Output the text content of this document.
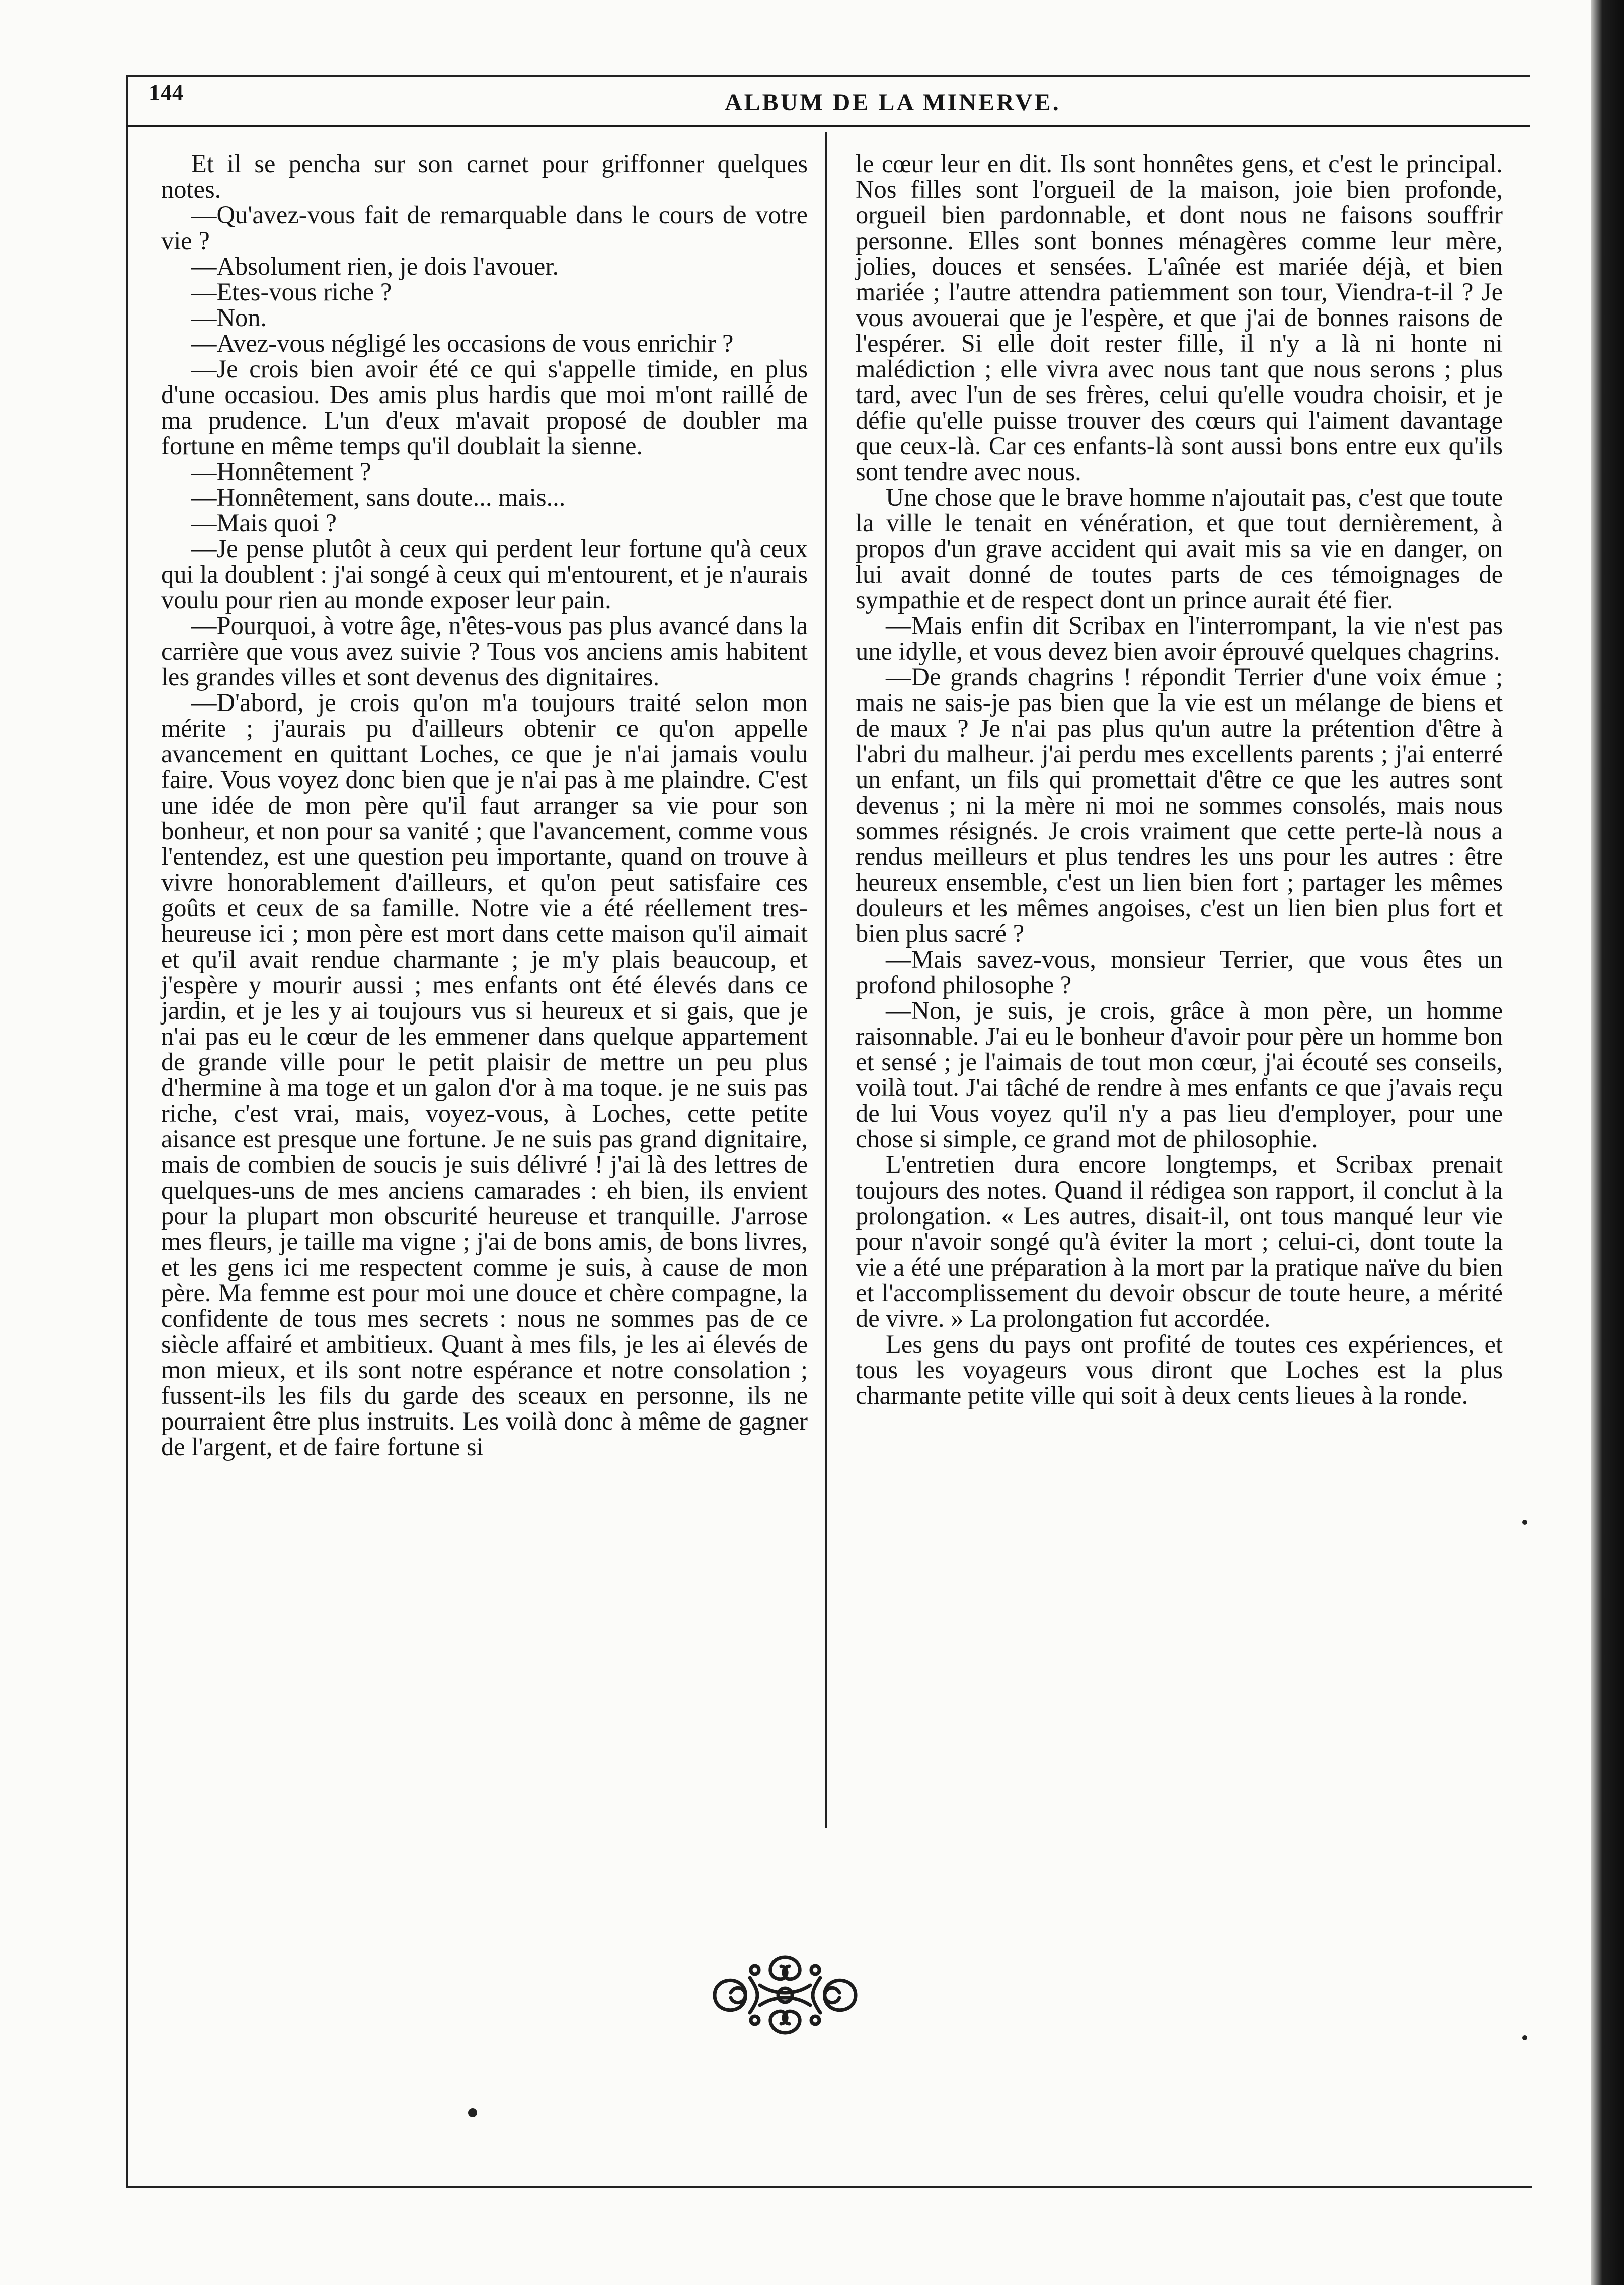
144	ALBUM DE LA MINERVE.

Et il se pencha sur son carnet pour griffonner quelques notes.

—Qu'avez-vous fait de remarquable dans le cours de votre vie ?

—Absolument rien, je dois l'avouer.

—Etes-vous riche ?

—Non.

—Avez-vous négligé les occasions de vous enrichir ?

—Je crois bien avoir été ce qui s'appelle timide, en plus d'une occasiou. Des amis plus hardis que moi m'ont raillé de ma prudence. L'un d'eux m'avait proposé de doubler ma fortune en même temps qu'il doublait la sienne.

—Honnêtement ?

—Honnêtement, sans doute... mais...

—Mais quoi ?

—Je pense plutôt à ceux qui perdent leur fortune qu'à ceux qui la doublent : j'ai songé à ceux qui m'entourent, et je n'aurais voulu pour rien au monde exposer leur pain.

—Pourquoi, à votre âge, n'êtes-vous pas plus avancé dans la carrière que vous avez suivie ? Tous vos anciens amis habitent les grandes villes et sont devenus des dignitaires.

—D'abord, je crois qu'on m'a toujours traité selon mon mérite ; j'aurais pu d'ailleurs obtenir ce qu'on appelle avancement en quittant Loches, ce que je n'ai jamais voulu faire. Vous voyez donc bien que je n'ai pas à me plaindre. C'est une idée de mon père qu'il faut arranger sa vie pour son bonheur, et non pour sa vanité ; que l'avancement, comme vous l'entendez, est une question peu importante, quand on trouve à vivre honorablement d'ailleurs, et qu'on peut satisfaire ces goûts et ceux de sa famille. Notre vie a été réellement tres-heureuse ici ; mon père est mort dans cette maison qu'il aimait et qu'il avait rendue charmante ; je m'y plais beaucoup, et j'espère y mourir aussi ; mes enfants ont été élevés dans ce jardin, et je les y ai toujours vus si heureux et si gais, que je n'ai pas eu le cœur de les emmener dans quelque appartement de grande ville pour le petit plaisir de mettre un peu plus d'hermine à ma toge et un galon d'or à ma toque. je ne suis pas riche, c'est vrai, mais, voyez-vous, à Loches, cette petite aisance est presque une fortune. Je ne suis pas grand dignitaire, mais de combien de soucis je suis délivré ! j'ai là des lettres de quelques-uns de mes anciens camarades : eh bien, ils envient pour la plupart mon obscurité heureuse et tranquille. J'arrose mes fleurs, je taille ma vigne ; j'ai de bons amis, de bons livres, et les gens ici me respectent comme je suis, à cause de mon père. Ma femme est pour moi une douce et chère compagne, la confidente de tous mes secrets : nous ne sommes pas de ce siècle affairé et ambitieux. Quant à mes fils, je les ai élevés de mon mieux, et ils sont notre espérance et notre consolation ; fussent-ils les fils du garde des sceaux en personne, ils ne pourraient être plus instruits. Les voilà donc à même de gagner de l'argent, et de faire fortune si

le cœur leur en dit. Ils sont honnêtes gens, et c'est le principal. Nos filles sont l'orgueil de la maison, joie bien profonde, orgueil bien pardonnable, et dont nous ne faisons souffrir personne. Elles sont bonnes ménagères comme leur mère, jolies, douces et sensées. L'aînée est mariée déjà, et bien mariée ; l'autre attendra patiemment son tour, Viendra-t-il ? Je vous avouerai que je l'espère, et que j'ai de bonnes raisons de l'espérer. Si elle doit rester fille, il n'y a là ni honte ni malédiction ; elle vivra avec nous tant que nous serons ; plus tard, avec l'un de ses frères, celui qu'elle voudra choisir, et je défie qu'elle puisse trouver des cœurs qui l'aiment davantage que ceux-là. Car ces enfants-là sont aussi bons entre eux qu'ils sont tendre avec nous.

Une chose que le brave homme n'ajoutait pas, c'est que toute la ville le tenait en vénération, et que tout dernièrement, à propos d'un grave accident qui avait mis sa vie en danger, on lui avait donné de toutes parts de ces témoignages de sympathie et de respect dont un prince aurait été fier.

—Mais enfin dit Scribax en l'interrompant, la vie n'est pas une idylle, et vous devez bien avoir éprouvé quelques chagrins.

—De grands chagrins ! répondit Terrier d'une voix émue ; mais ne sais-je pas bien que la vie est un mélange de biens et de maux ? Je n'ai pas plus qu'un autre la prétention d'être à l'abri du malheur. j'ai perdu mes excellents parents ; j'ai enterré un enfant, un fils qui promettait d'être ce que les autres sont devenus ; ni la mère ni moi ne sommes consolés, mais nous sommes résignés. Je crois vraiment que cette perte-là nous a rendus meilleurs et plus tendres les uns pour les autres : être heureux ensemble, c'est un lien bien fort ; partager les mêmes douleurs et les mêmes angoises, c'est un lien bien plus fort et bien plus sacré ?

—Mais savez-vous, monsieur Terrier, que vous êtes un profond philosophe ?

—Non, je suis, je crois, grâce à mon père, un homme raisonnable. J'ai eu le bonheur d'avoir pour père un homme bon et sensé ; je l'aimais de tout mon cœur, j'ai écouté ses conseils, voilà tout. J'ai tâché de rendre à mes enfants ce que j'avais reçu de lui Vous voyez qu'il n'y a pas lieu d'employer, pour une chose si simple, ce grand mot de philosophie.

L'entretien dura encore longtemps, et Scribax prenait toujours des notes. Quand il rédigea son rapport, il conclut à la prolongation. « Les autres, disait-il, ont tous manqué leur vie pour n'avoir songé qu'à éviter la mort ; celui-ci, dont toute la vie a été une préparation à la mort par la pratique naïve du bien et l'accomplissement du devoir obscur de toute heure, a mérité de vivre. » La prolongation fut accordée.

Les gens du pays ont profité de toutes ces expériences, et tous les voyageurs vous diront que Loches est la plus charmante petite ville qui soit à deux cents lieues à la ronde.
